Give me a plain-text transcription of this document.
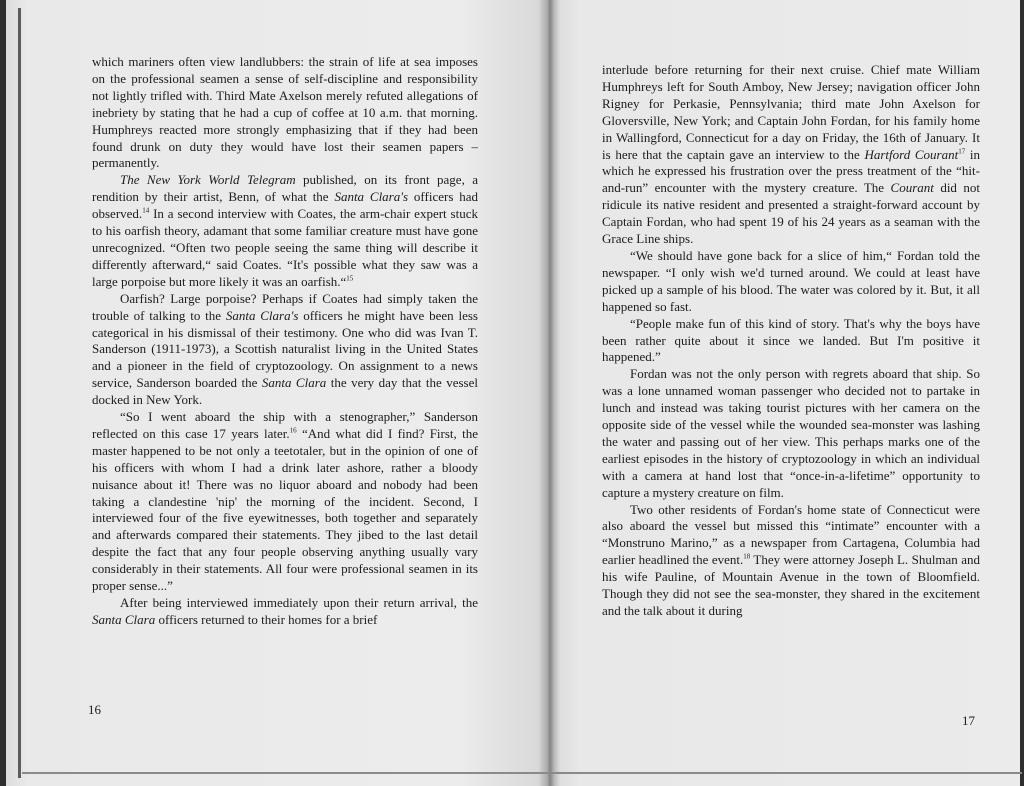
which mariners often view landlubbers: the strain of life at sea imposes on the professional seamen a sense of self-discipline and responsibility not lightly trifled with. Third Mate Axelson merely refuted allegations of inebriety by stating that he had a cup of coffee at 10 a.m. that morning. Humphreys reacted more strongly emphasizing that if they had been found drunk on duty they would have lost their seamen papers – permanently.

The New York World Telegram published, on its front page, a rendition by their artist, Benn, of what the Santa Clara's officers had observed.$^{14}$ In a second interview with Coates, the arm-chair expert stuck to his oarfish theory, adamant that some familiar creature must have gone unrecognized. “Often two people seeing the same thing will describe it differently afterward,“ said Coates. “It's possible what they saw was a large porpoise but more likely it was an oarfish.“$^{15}$

Oarfish? Large porpoise? Perhaps if Coates had simply taken the trouble of talking to the Santa Clara's officers he might have been less categorical in his dismissal of their testimony. One who did was Ivan T. Sanderson (1911-1973), a Scottish naturalist living in the United States and a pioneer in the field of cryptozoology. On assignment to a news service, Sanderson boarded the Santa Clara the very day that the vessel docked in New York.

“So I went aboard the ship with a stenographer,” Sanderson reflected on this case 17 years later.$^{16}$ “And what did I find? First, the master happened to be not only a teetotaler, but in the opinion of one of his officers with whom I had a drink later ashore, rather a bloody nuisance about it! There was no liquor aboard and nobody had been taking a clandestine 'nip' the morning of the incident. Second, I interviewed four of the five eyewitnesses, both together and separately and afterwards compared their statements. They jibed to the last detail despite the fact that any four people observing anything usually vary considerably in their statements. All four were professional seamen in its proper sense...”

After being interviewed immediately upon their return arrival, the Santa Clara officers returned to their homes for a brief

interlude before returning for their next cruise. Chief mate William Humphreys left for South Amboy, New Jersey; navigation officer John Rigney for Perkasie, Pennsylvania; third mate John Axelson for Gloversville, New York; and Captain John Fordan, for his family home in Wallingford, Connecticut for a day on Friday, the 16th of January. It is here that the captain gave an interview to the Hartford Courant$^{17}$ in which he expressed his frustration over the press treatment of the “hit-and-run” encounter with the mystery creature. The Courant did not ridicule its native resident and presented a straight-forward account by Captain Fordan, who had spent 19 of his 24 years as a seaman with the Grace Line ships.

“We should have gone back for a slice of him,“ Fordan told the newspaper. “I only wish we'd turned around. We could at least have picked up a sample of his blood. The water was colored by it. But, it all happened so fast.

“People make fun of this kind of story. That's why the boys have been rather quite about it since we landed. But I'm positive it happened.”

Fordan was not the only person with regrets aboard that ship. So was a lone unnamed woman passenger who decided not to partake in lunch and instead was taking tourist pictures with her camera on the opposite side of the vessel while the wounded sea-monster was lashing the water and passing out of her view. This perhaps marks one of the earliest episodes in the history of cryptozoology in which an individual with a camera at hand lost that “once-in-a-lifetime” opportunity to capture a mystery creature on film.

Two other residents of Fordan's home state of Connecticut were also aboard the vessel but missed this “intimate” encounter with a “Monstruno Marino,” as a newspaper from Cartagena, Columbia had earlier headlined the event.$^{18}$ They were attorney Joseph L. Shulman and his wife Pauline, of Mountain Avenue in the town of Bloomfield. Though they did not see the sea-monster, they shared in the excitement and the talk about it during

16
17
